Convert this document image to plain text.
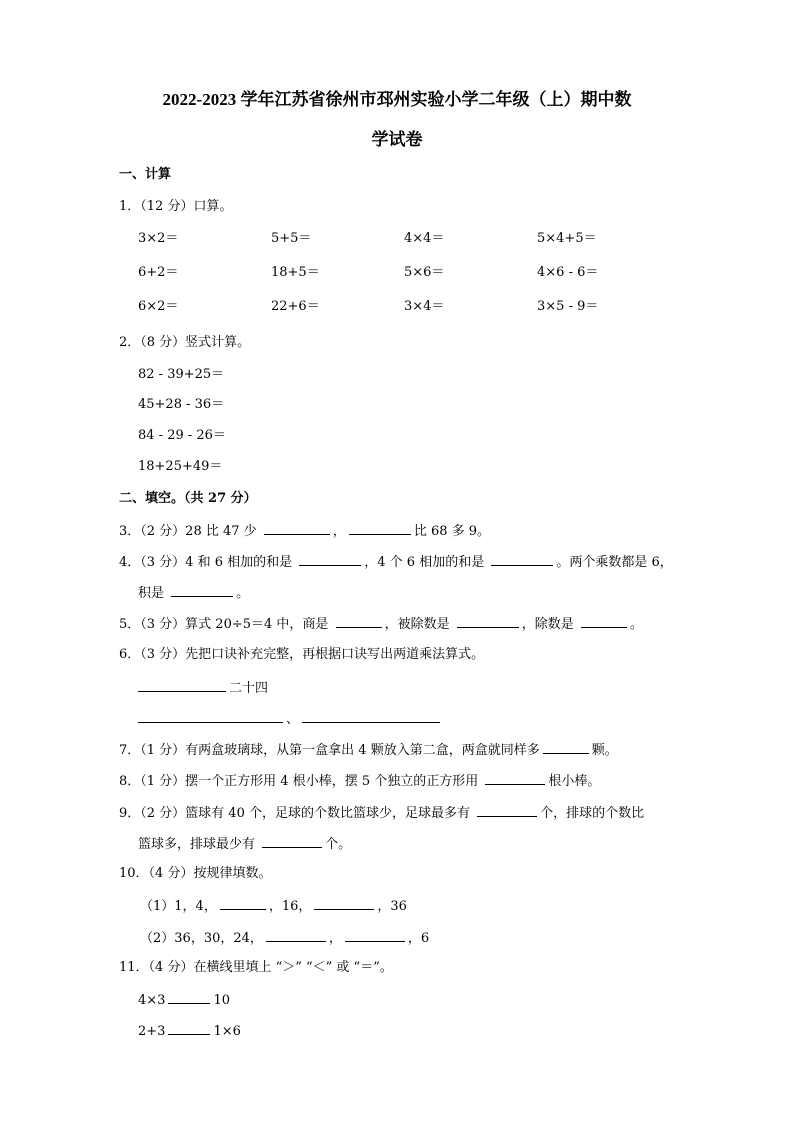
2022-2023 学年江苏省徐州市邳州实验小学二年级（上）期中数
学试卷
一、计算
1．（12 分）口算。
3×2＝	5+5＝	4×4＝	5×4+5＝
6+2＝	18+5＝	5×6＝	4×6 - 6＝
6×2＝	22+6＝	3×4＝	3×5 - 9＝
2．（8 分）竖式计算。
82 - 39+25＝
45+28 - 36＝
84 - 29 - 26＝
18+25+49＝
二、填空。（共 27 分）
3．（2 分）28 比 47 少	，	比 68 多 9。
4．（3 分）4 和 6 相加的和是	，4 个 6 相加的和是	。两个乘数都是 6，
积是	。
5．（3 分）算式 20÷5＝4 中，商是	，被除数是	，除数是	。
6．（3 分）先把口诀补充完整，再根据口诀写出两道乘法算式。
二十四
、
7．（1 分）有两盒玻璃球，从第一盒拿出 4 颗放入第二盒，两盒就同样多	颗。
8．（1 分）摆一个正方形用 4 根小棒，摆 5 个独立的正方形用	根小棒。
9．（2 分）篮球有 40 个，足球的个数比篮球少，足球最多有	个，排球的个数比
篮球多，排球最少有	个。
10．（4 分）按规律填数。
（1）1，4，	，16，	，36
（2）36，30，24，	，	，6
11．（4 分）在横线里填上 “＞” “＜” 或 “＝”。
4×3	10
2+3	1×6
